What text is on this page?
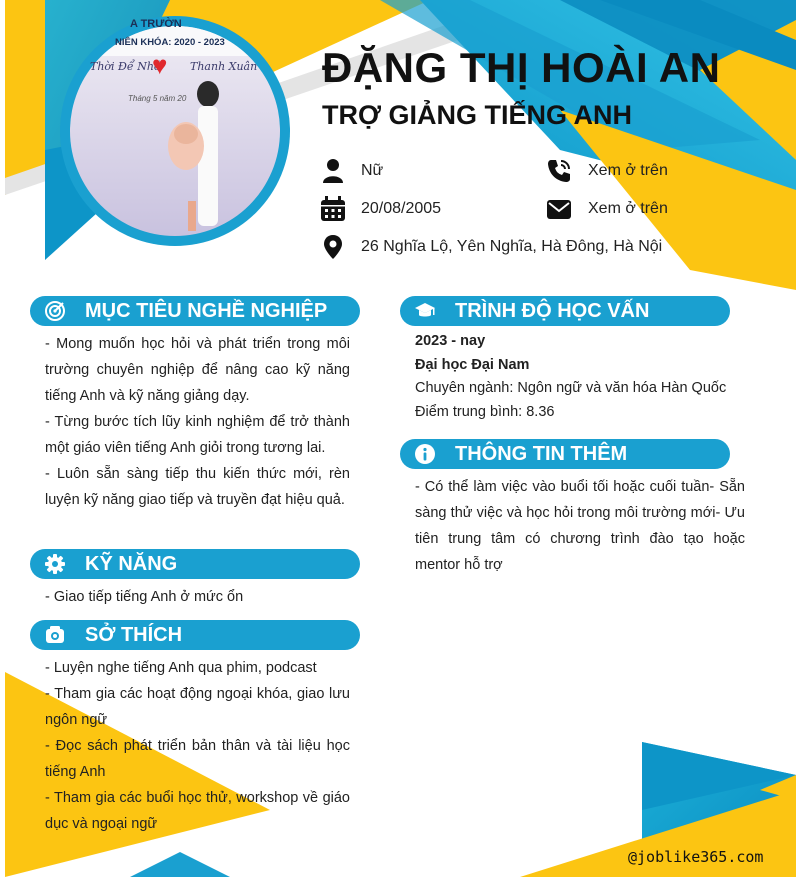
A TRƯỜN
NIÊN KHÓA: 2020 - 2023
Thời Để Nhớ
♥ Thanh Xuân
Tháng 5 năm 20
ĐẶNG THỊ HOÀI AN
TRỢ GIẢNG TIẾNG ANH
Nữ	Xem ở trên
20/08/2005	Xem ở trên
26 Nghĩa Lộ, Yên Nghĩa, Hà Đông, Hà Nội
MỤC TIÊU NGHỀ NGHIỆP

- Mong muốn học hỏi và phát triển trong môi trường chuyên nghiệp để nâng cao kỹ năng tiếng Anh và kỹ năng giảng dạy.

- Từng bước tích lũy kinh nghiệm để trở thành một giáo viên tiếng Anh giỏi trong tương lai.

- Luôn sẵn sàng tiếp thu kiến thức mới, rèn luyện kỹ năng giao tiếp và truyền đạt hiệu quả.

KỸ NĂNG

- Giao tiếp tiếng Anh ở mức ổn

SỞ THÍCH

- Luyện nghe tiếng Anh qua phim, podcast

- Tham gia các hoạt động ngoại khóa, giao lưu ngôn ngữ

- Đọc sách phát triển bản thân và tài liệu học tiếng Anh

- Tham gia các buổi học thử, workshop về giáo dục và ngoại ngữ

TRÌNH ĐỘ HỌC VẤN
2023 - nay
Đại học Đại Nam
Chuyên ngành: Ngôn ngữ và văn hóa Hàn Quốc
Điểm trung bình: 8.36
THÔNG TIN THÊM
- Có thể làm việc vào buổi tối hoặc cuối tuần- Sẵn sàng thử việc và học hỏi trong môi trường mới- Ưu tiên trung tâm có chương trình đào tạo hoặc mentor hỗ trợ
@joblike365.com
